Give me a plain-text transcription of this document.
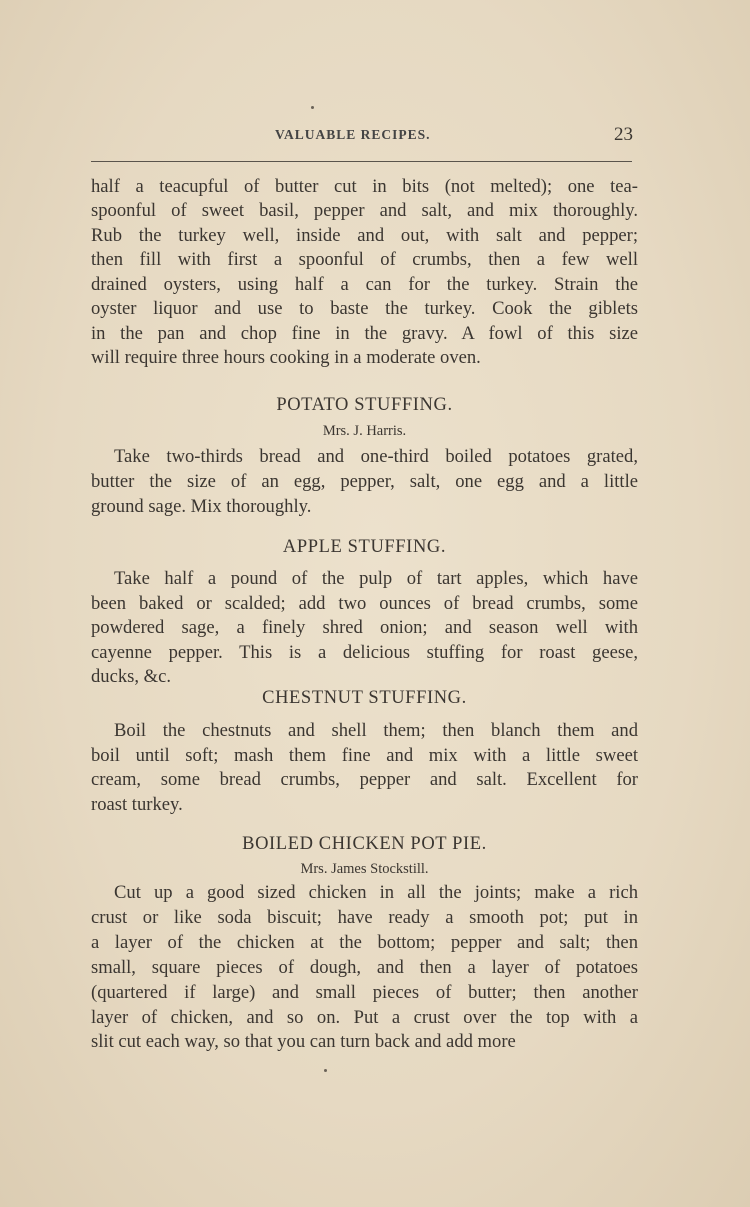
VALUABLE RECIPES.	23
half a teacupful of butter cut in bits (not melted); one tea-
spoonful of sweet basil, pepper and salt, and mix thoroughly.
Rub the turkey well, inside and out, with salt and pepper;
then fill with first a spoonful of crumbs, then a few well
drained oysters, using half a can for the turkey. Strain the
oyster liquor and use to baste the turkey. Cook the giblets
in the pan and chop fine in the gravy. A fowl of this size
will require three hours cooking in a moderate oven.
POTATO STUFFING.
Mrs. J. Harris.
Take two-thirds bread and one-third boiled potatoes grated,
butter the size of an egg, pepper, salt, one egg and a little
ground sage. Mix thoroughly.
APPLE STUFFING.
Take half a pound of the pulp of tart apples, which have
been baked or scalded; add two ounces of bread crumbs, some
powdered sage, a finely shred onion; and season well with
cayenne pepper. This is a delicious stuffing for roast geese,
ducks, &c.
CHESTNUT STUFFING.
Boil the chestnuts and shell them; then blanch them and
boil until soft; mash them fine and mix with a little sweet
cream, some bread crumbs, pepper and salt. Excellent for
roast turkey.
BOILED CHICKEN POT PIE.
Mrs. James Stockstill.
Cut up a good sized chicken in all the joints; make a rich
crust or like soda biscuit; have ready a smooth pot; put in
a layer of the chicken at the bottom; pepper and salt; then
small, square pieces of dough, and then a layer of potatoes
(quartered if large) and small pieces of butter; then another
layer of chicken, and so on. Put a crust over the top with a
slit cut each way, so that you can turn back and add more
